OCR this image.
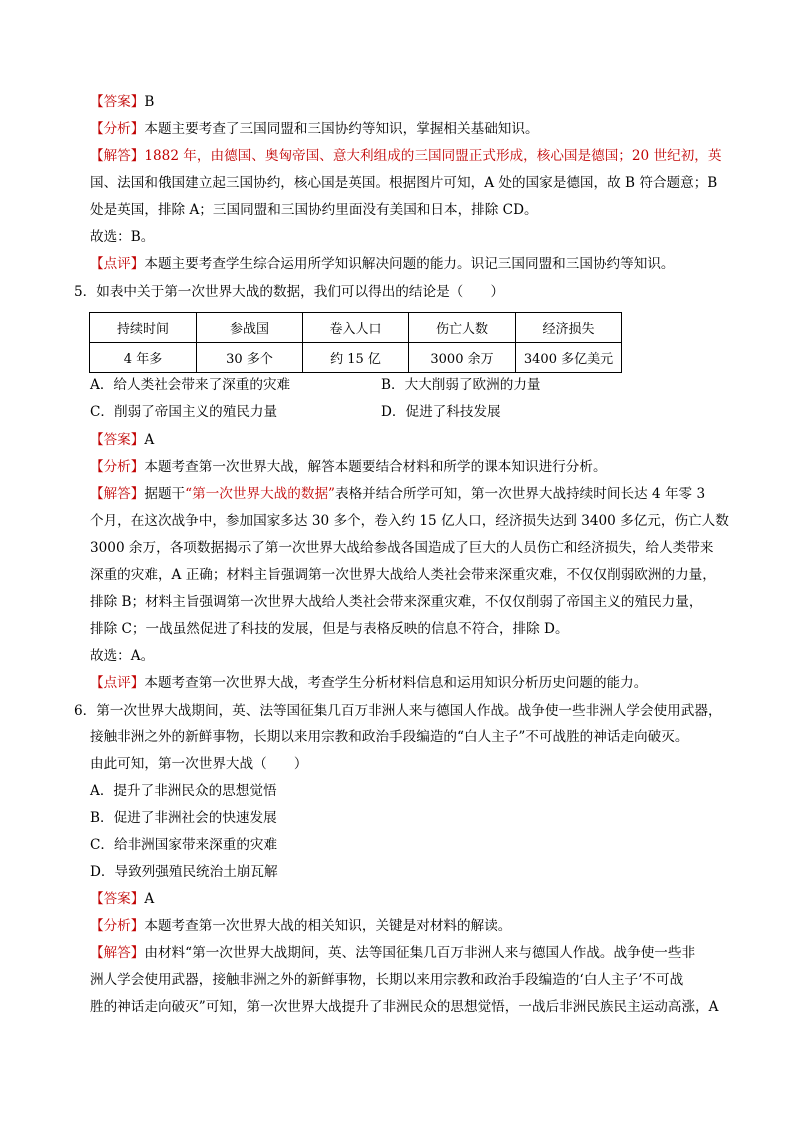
【答案】B
【分析】本题主要考查了三国同盟和三国协约等知识，掌握相关基础知识。
【解答】1882 年，由德国、奥匈帝国、意大利组成的三国同盟正式形成，核心国是德国；20 世纪初，英
国、法国和俄国建立起三国协约，核心国是英国。根据图片可知，A 处的国家是德国，故 B 符合题意；B
处是英国，排除 A；三国同盟和三国协约里面没有美国和日本，排除 CD。
故选：B。
【点评】本题主要考查学生综合运用所学知识解决问题的能力。识记三国同盟和三国协约等知识。
5．如表中关于第一次世界大战的数据，我们可以得出的结论是（　　）
持续时间	参战国	卷入人口	伤亡人数	经济损失
4 年多	30 多个	约 15 亿	3000 余万	3400 多亿美元
A．给人类社会带来了深重的灾难	B．大大削弱了欧洲的力量
C．削弱了帝国主义的殖民力量	D．促进了科技发展
【答案】A
【分析】本题考查第一次世界大战，解答本题要结合材料和所学的课本知识进行分析。
【解答】据题干“第一次世界大战的数据”表格并结合所学可知，第一次世界大战持续时间长达 4 年零 3
个月，在这次战争中，参加国家多达 30 多个，卷入约 15 亿人口，经济损失达到 3400 多亿元，伤亡人数
3000 余万，各项数据揭示了第一次世界大战给参战各国造成了巨大的人员伤亡和经济损失，给人类带来
深重的灾难，A 正确；材料主旨强调第一次世界大战给人类社会带来深重灾难，不仅仅削弱欧洲的力量，
排除 B；材料主旨强调第一次世界大战给人类社会带来深重灾难，不仅仅削弱了帝国主义的殖民力量，
排除 C；一战虽然促进了科技的发展，但是与表格反映的信息不符合，排除 D。
故选：A。
【点评】本题考查第一次世界大战，考查学生分析材料信息和运用知识分析历史问题的能力。
6．第一次世界大战期间，英、法等国征集几百万非洲人来与德国人作战。战争使一些非洲人学会使用武器，
接触非洲之外的新鲜事物，长期以来用宗教和政治手段编造的“白人主子”不可战胜的神话走向破灭。
由此可知，第一次世界大战（　　）
A．提升了非洲民众的思想觉悟
B．促进了非洲社会的快速发展
C．给非洲国家带来深重的灾难
D．导致列强殖民统治土崩瓦解
【答案】A
【分析】本题考查第一次世界大战的相关知识，关键是对材料的解读。
【解答】由材料“第一次世界大战期间，英、法等国征集几百万非洲人来与德国人作战。战争使一些非
洲人学会使用武器，接触非洲之外的新鲜事物，长期以来用宗教和政治手段编造的‘白人主子’不可战
胜的神话走向破灭”可知，第一次世界大战提升了非洲民众的思想觉悟，一战后非洲民族民主运动高涨，A
